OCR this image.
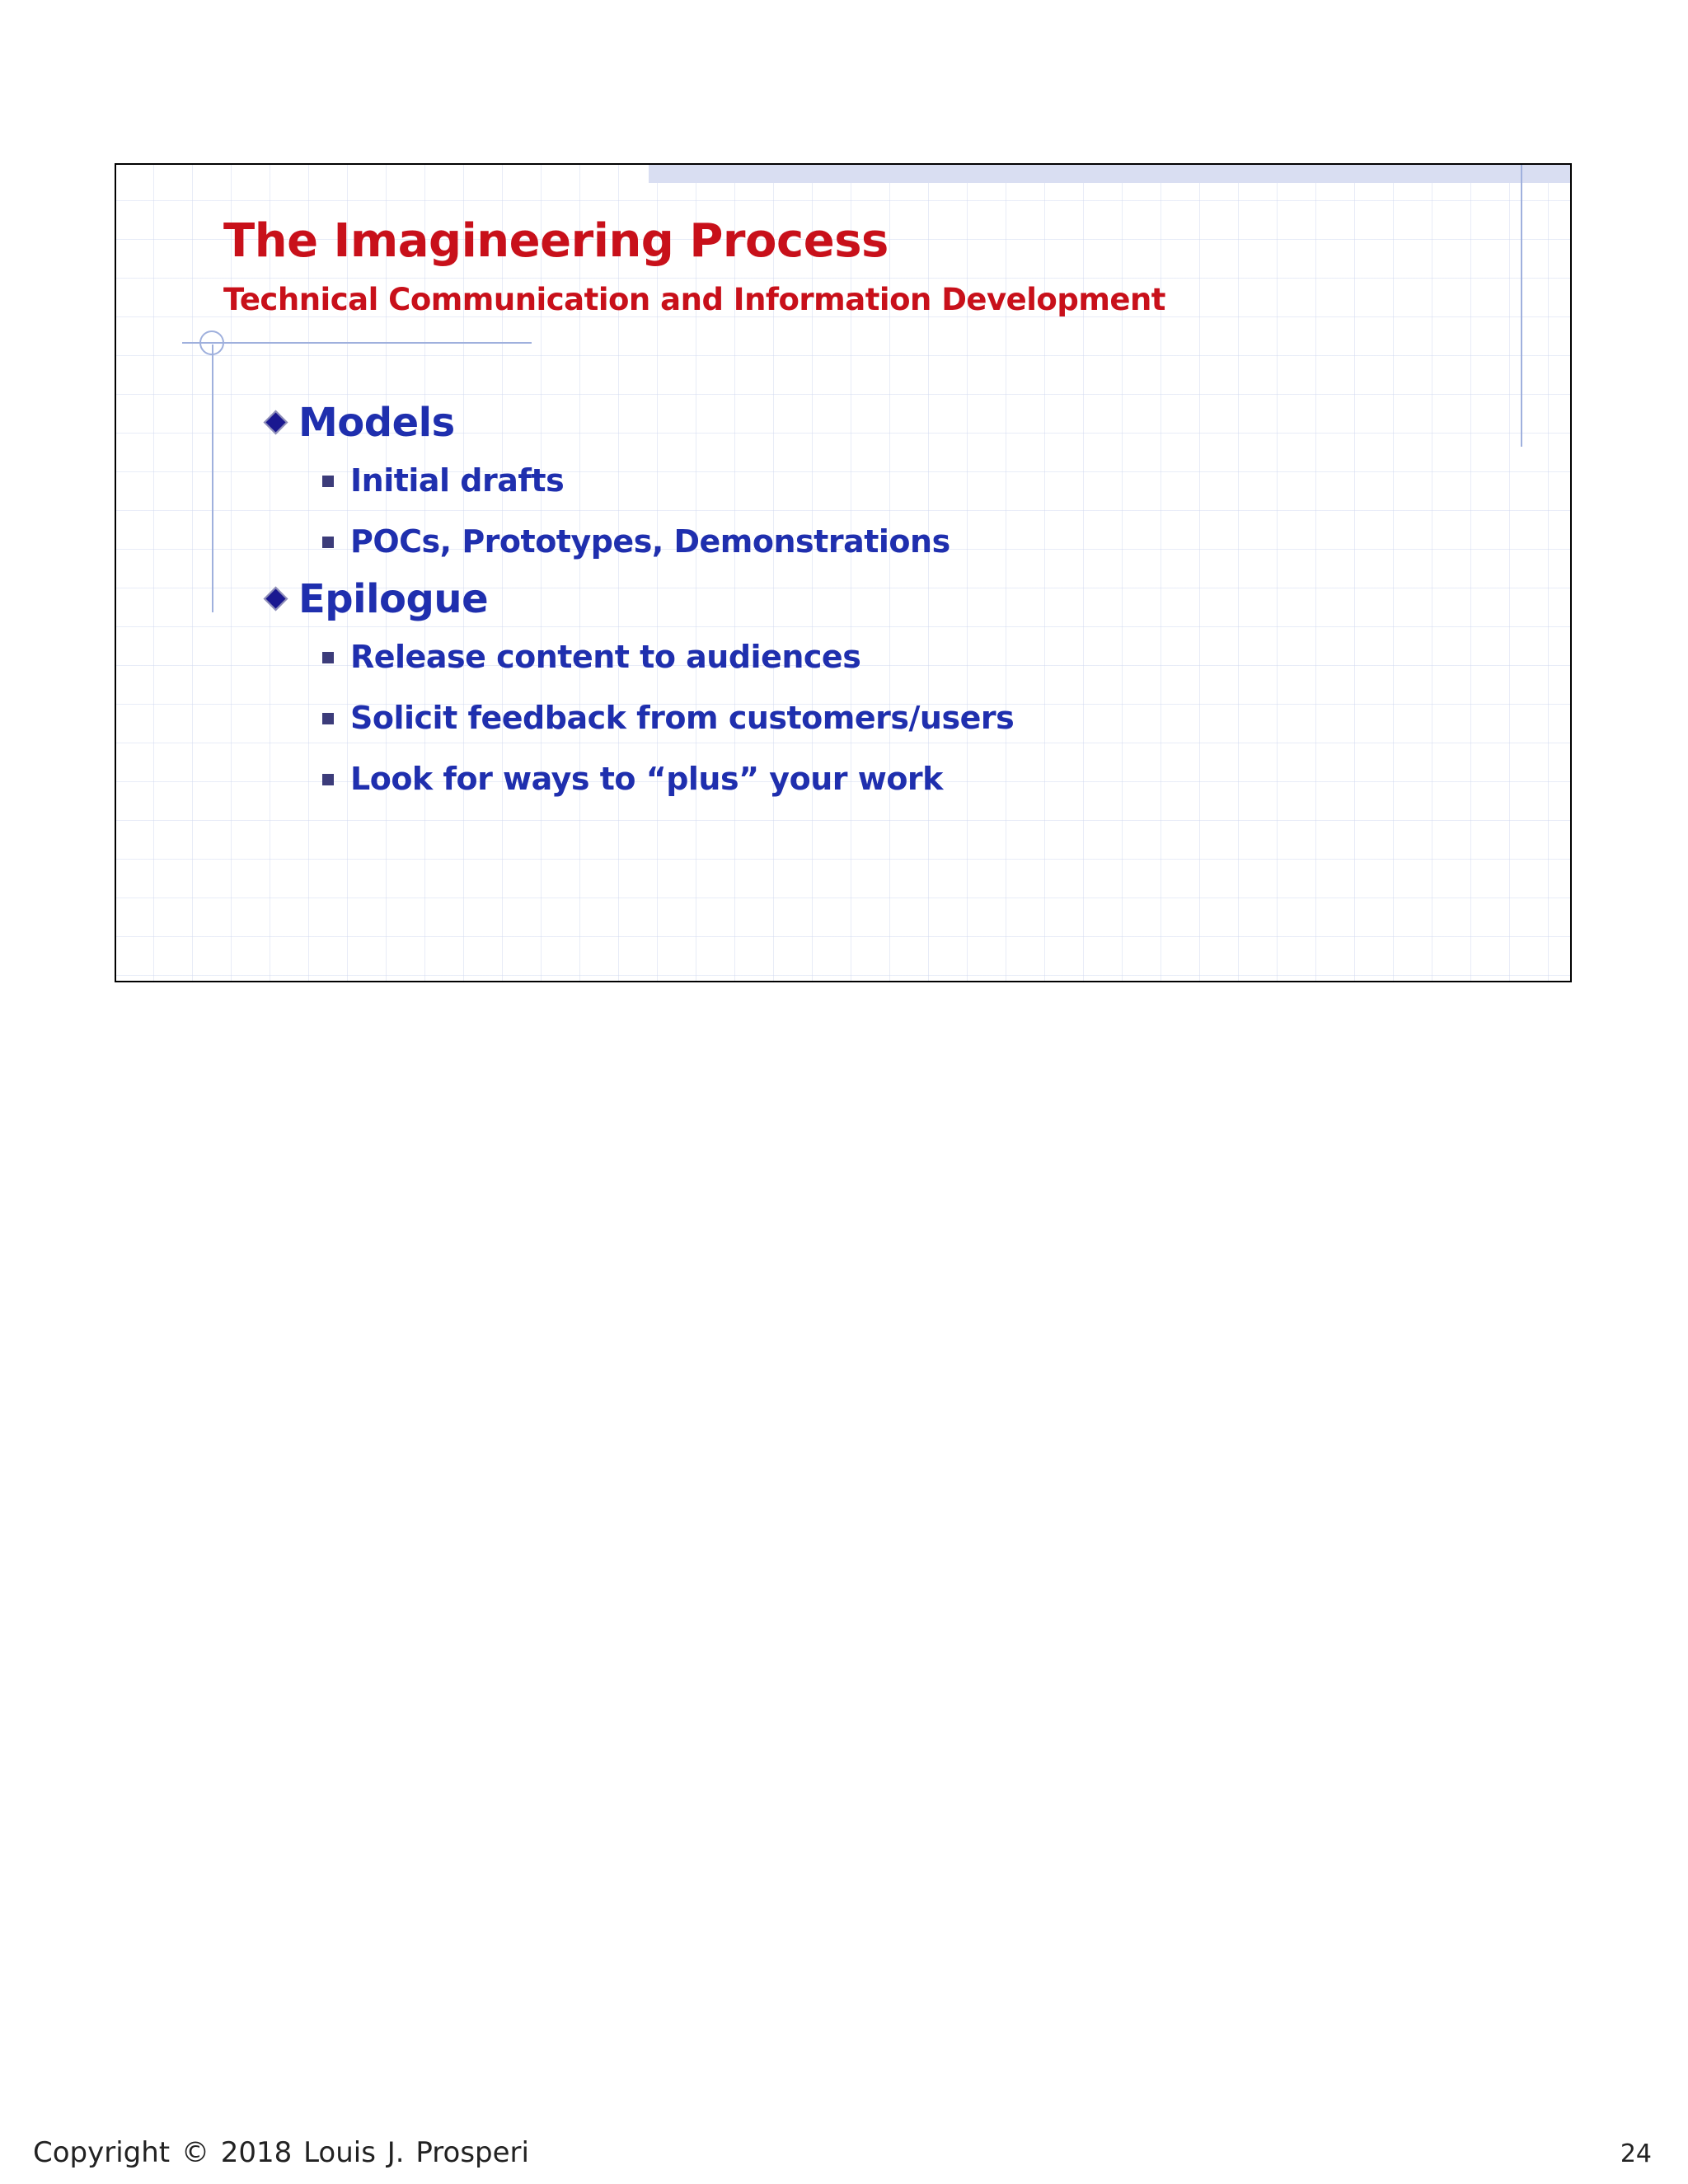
The Imagineering Process
Technical Communication and Information Development
Models
Initial drafts
POCs, Prototypes, Demonstrations
Epilogue
Release content to audiences
Solicit feedback from customers/users
Look for ways to “plus” your work
Copyright © 2018 Louis J. Prosperi	24
